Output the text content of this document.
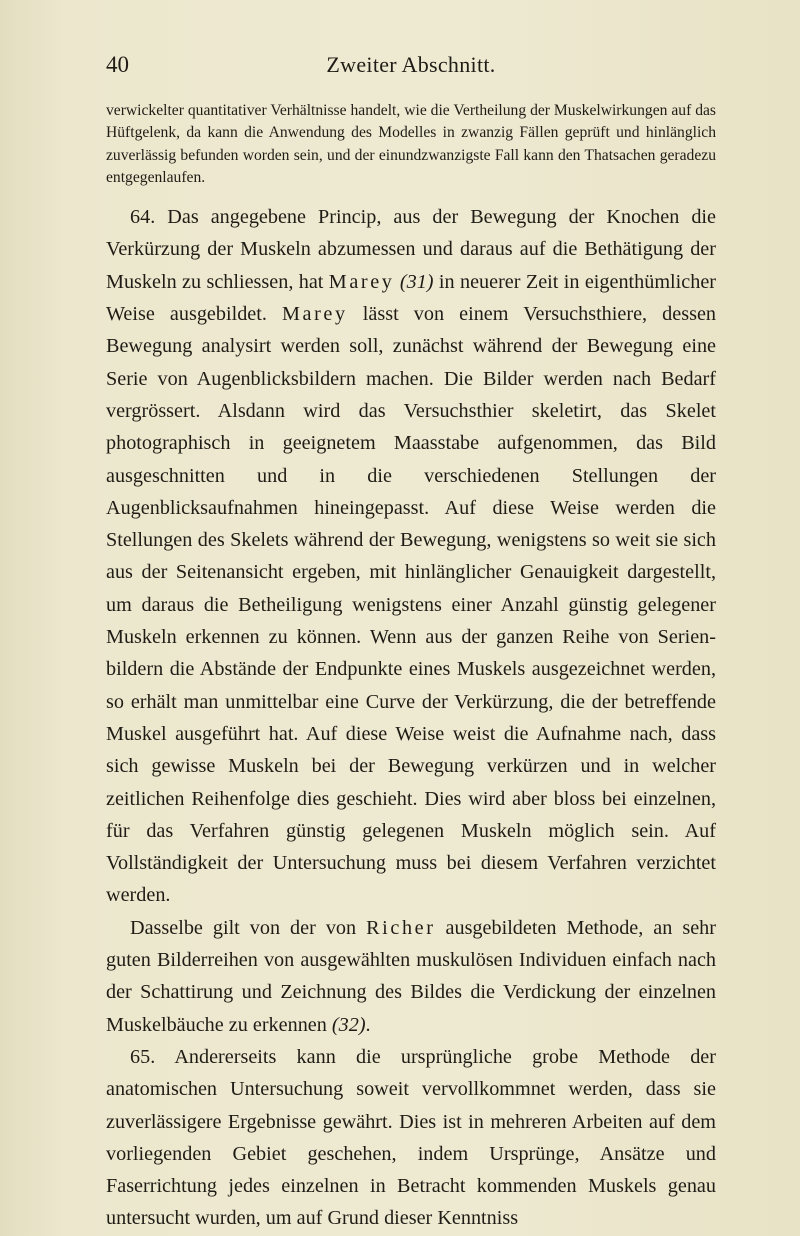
40	Zweiter Abschnitt.

verwickelter quantitativer Verhältnisse handelt, wie die Vertheilung der Muskelwirkungen auf das Hüftgelenk, da kann die Anwendung des Modelles in zwanzig Fällen geprüft und hinlänglich zuverlässig befunden worden sein, und der einundzwanzigste Fall kann den Thatsachen geradezu entgegenlaufen.

64. Das angegebene Princip, aus der Bewegung der Knochen die Verkürzung der Muskeln abzumessen und daraus auf die Bethätigung der Muskeln zu schliessen, hat Marey (31) in neuerer Zeit in eigenthümlicher Weise ausgebildet. Marey lässt von einem Versuchsthiere, dessen Bewegung analysirt werden soll, zunächst während der Bewegung eine Serie von Augenblicksbildern machen. Die Bilder werden nach Bedarf vergrössert. Alsdann wird das Versuchsthier skeletirt, das Skelet photographisch in geeignetem Maasstabe aufgenommen, das Bild ausgeschnitten und in die verschiedenen Stellungen der Augenblicksaufnahmen hineingepasst. Auf diese Weise werden die Stellungen des Skelets während der Bewegung, wenigstens so weit sie sich aus der Seitenansicht ergeben, mit hinlänglicher Genauigkeit dargestellt, um daraus die Betheiligung wenigstens einer Anzahl günstig gelegener Muskeln erkennen zu können. Wenn aus der ganzen Reihe von Serienbildern die Abstände der Endpunkte eines Muskels ausgezeichnet werden, so erhält man unmittelbar eine Curve der Verkürzung, die der betreffende Muskel ausgeführt hat. Auf diese Weise weist die Aufnahme nach, dass sich gewisse Muskeln bei der Bewegung verkürzen und in welcher zeitlichen Reihenfolge dies geschieht. Dies wird aber bloss bei einzelnen, für das Verfahren günstig gelegenen Muskeln möglich sein. Auf Vollständigkeit der Untersuchung muss bei diesem Verfahren verzichtet werden.

Dasselbe gilt von der von Richer ausgebildeten Methode, an sehr guten Bilderreihen von ausgewählten muskulösen Individuen einfach nach der Schattirung und Zeichnung des Bildes die Verdickung der einzelnen Muskelbäuche zu erkennen (32).

65. Andererseits kann die ursprüngliche grobe Methode der anatomischen Untersuchung soweit vervollkommnet werden, dass sie zuverlässigere Ergebnisse gewährt. Dies ist in mehreren Arbeiten auf dem vorliegenden Gebiet geschehen, indem Ursprünge, Ansätze und Faserrichtung jedes einzelnen in Betracht kommenden Muskels genau untersucht wurden, um auf Grund dieser Kenntniss
